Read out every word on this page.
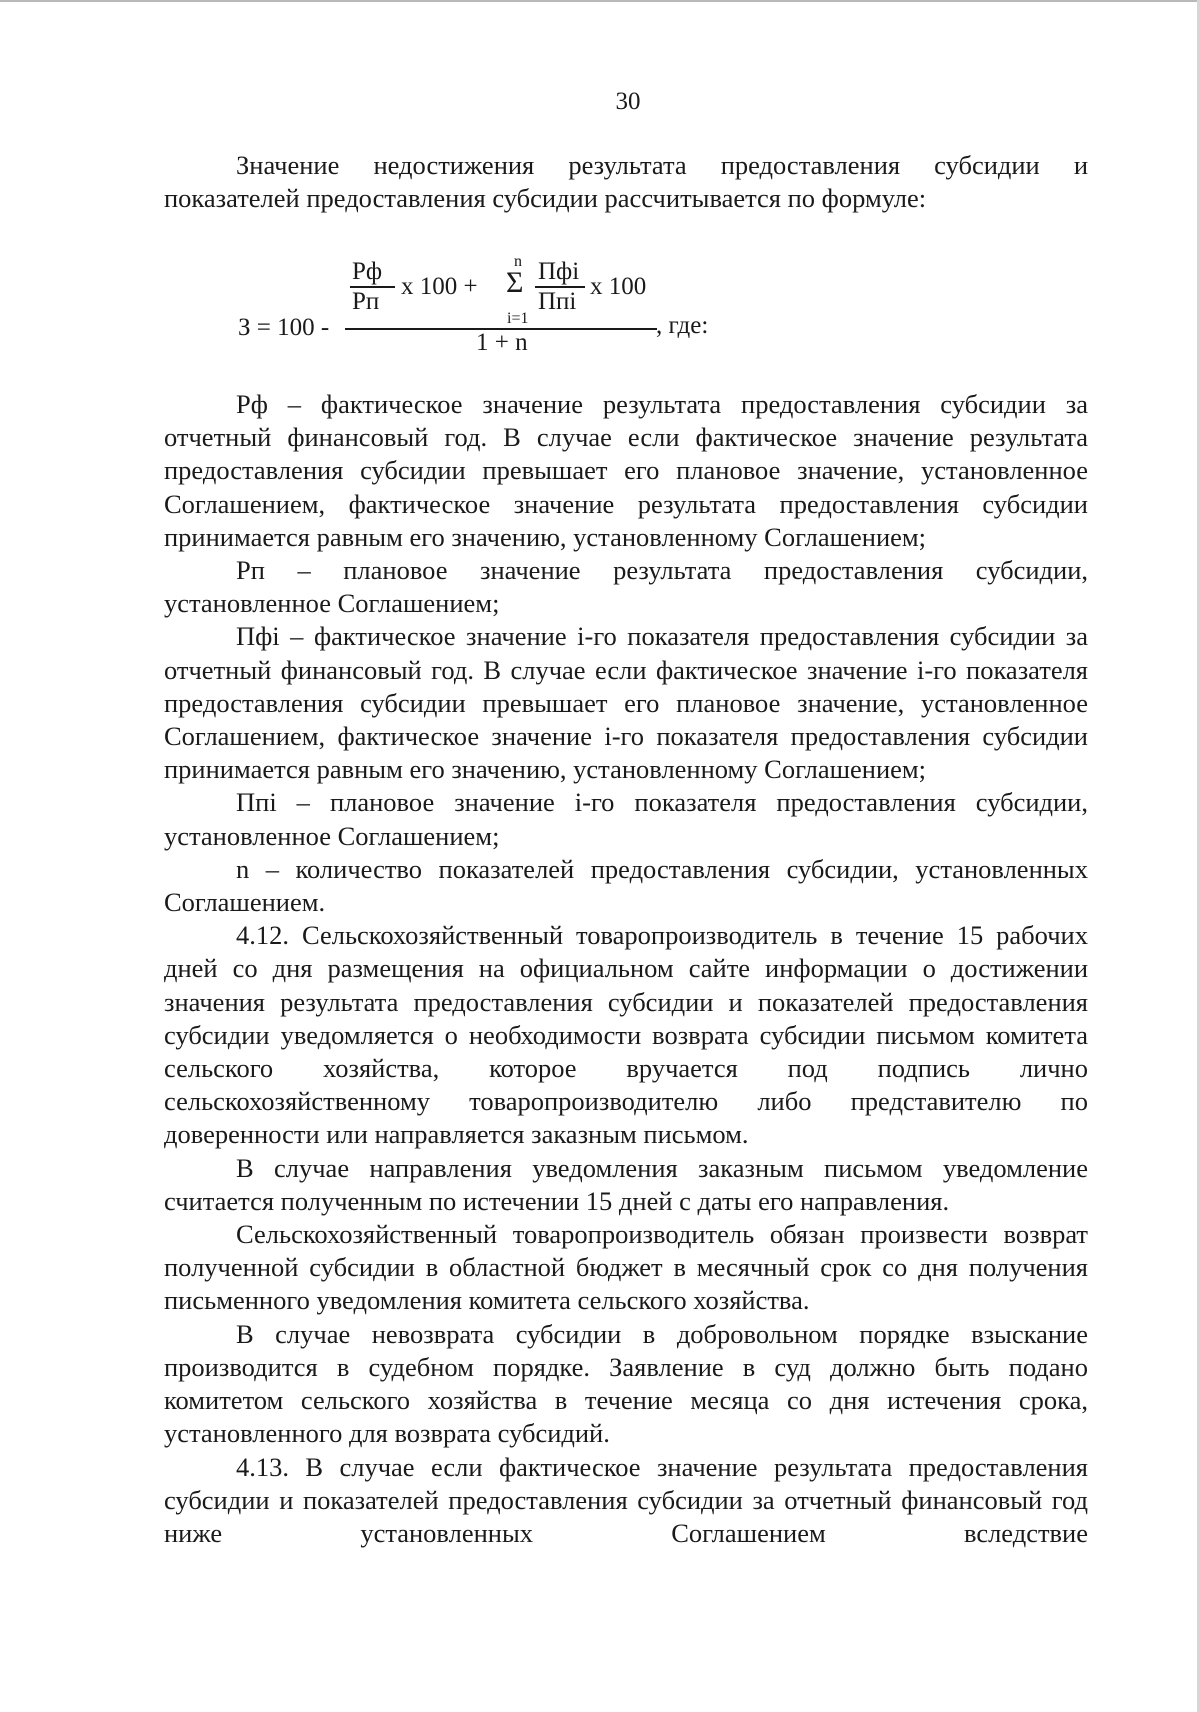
30

Значение недостижения результата предоставления субсидии и показателей предоставления субсидии рассчитывается по формуле:

З = 100 -
Рф
Рп
х 100 +
n
Σ
i=1
Пфi
Ппi
х 100
1 + n
, где:

Рф – фактическое значение результата предоставления субсидии за отчетный финансовый год. В случае если фактическое значение результата предоставления субсидии превышает его плановое значение, установленное Соглашением, фактическое значение результата предоставления субсидии принимается равным его значению, установленному Соглашением;

Рп – плановое значение результата предоставления субсидии, установленное Соглашением;

Пфi – фактическое значение i-го показателя предоставления субсидии за отчетный финансовый год. В случае если фактическое значение i-го показателя предоставления субсидии превышает его плановое значение, установленное Соглашением, фактическое значение i-го показателя предоставления субсидии принимается равным его значению, установленному Соглашением;

Ппi – плановое значение i-го показателя предоставления субсидии, установленное Соглашением;

n – количество показателей предоставления субсидии, установленных Соглашением.

4.12. Сельскохозяйственный товаропроизводитель в течение 15 рабочих дней со дня размещения на официальном сайте информации о достижении значения результата предоставления субсидии и показателей предоставления субсидии уведомляется о необходимости возврата субсидии письмом комитета сельского хозяйства, которое вручается под подпись лично сельскохозяйственному товаропроизводителю либо представителю по доверенности или направляется заказным письмом.

В случае направления уведомления заказным письмом уведомление считается полученным по истечении 15 дней с даты его направления.

Сельскохозяйственный товаропроизводитель обязан произвести возврат полученной субсидии в областной бюджет в месячный срок со дня получения письменного уведомления комитета сельского хозяйства.

В случае невозврата субсидии в добровольном порядке взыскание производится в судебном порядке. Заявление в суд должно быть подано комитетом сельского хозяйства в течение месяца со дня истечения срока, установленного для возврата субсидий.

4.13. В случае если фактическое значение результата предоставления субсидии и показателей предоставления субсидии за отчетный финансовый год ниже установленных Соглашением вследствие
